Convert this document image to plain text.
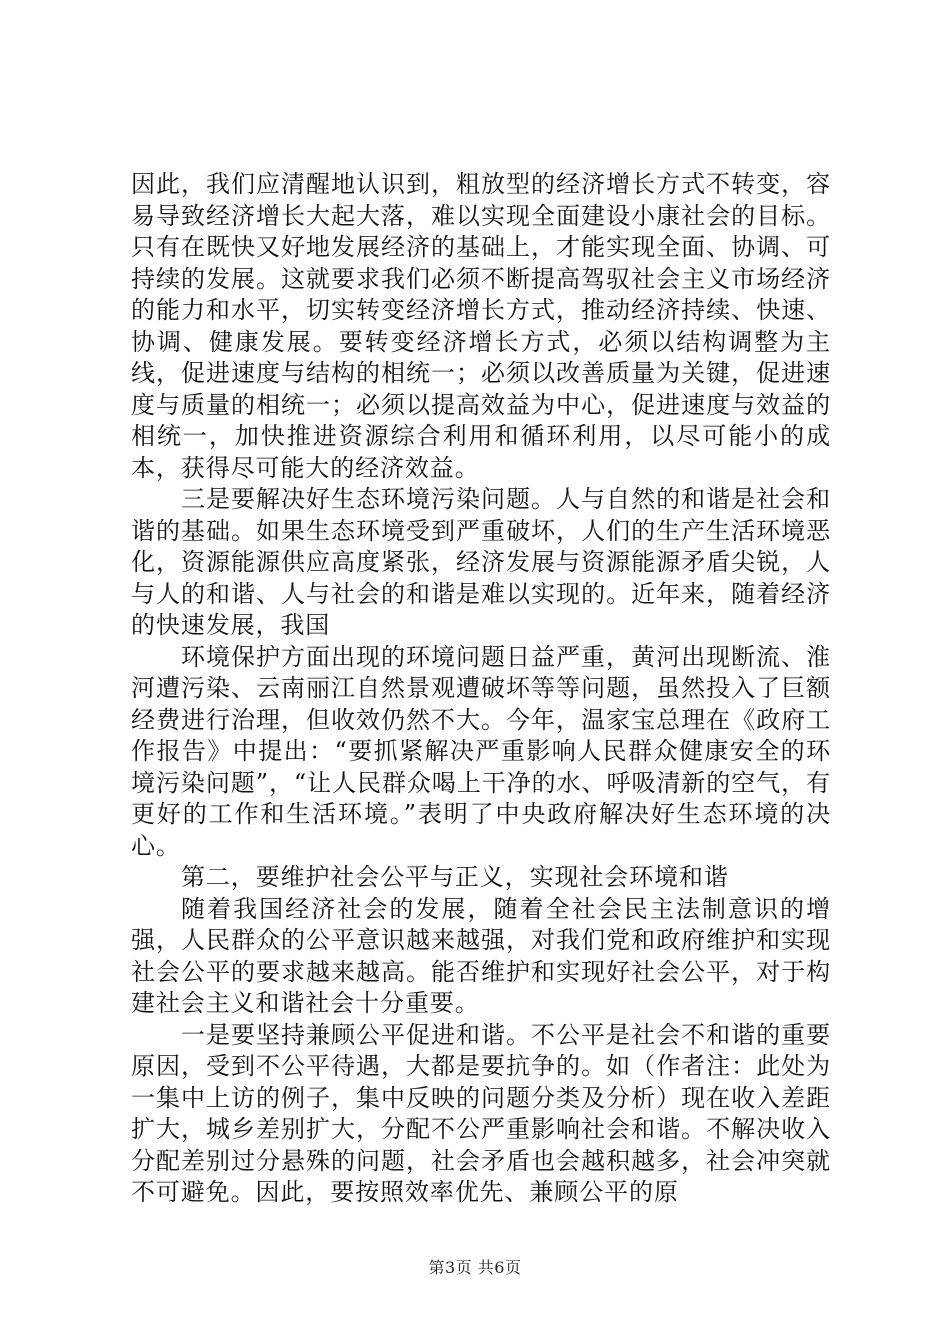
因此，我们应清醒地认识到，粗放型的经济增长方式不转变，容易导致经济增长大起大落，难以实现全面建设小康社会的目标。只有在既快又好地发展经济的基础上，才能实现全面、协调、可持续的发展。这就要求我们必须不断提高驾驭社会主义市场经济的能力和水平，切实转变经济增长方式，推动经济持续、快速、协调、健康发展。要转变经济增长方式，必须以结构调整为主线，促进速度与结构的相统一；必须以改善质量为关键，促进速度与质量的相统一；必须以提高效益为中心，促进速度与效益的相统一，加快推进资源综合利用和循环利用，以尽可能小的成本，获得尽可能大的经济效益。

三是要解决好生态环境污染问题。人与自然的和谐是社会和谐的基础。如果生态环境受到严重破坏，人们的生产生活环境恶化，资源能源供应高度紧张，经济发展与资源能源矛盾尖锐，人与人的和谐、人与社会的和谐是难以实现的。近年来，随着经济的快速发展，我国

环境保护方面出现的环境问题日益严重，黄河出现断流、淮河遭污染、云南丽江自然景观遭破坏等等问题，虽然投入了巨额经费进行治理，但收效仍然不大。今年，温家宝总理在《政府工作报告》中提出：“要抓紧解决严重影响人民群众健康安全的环境污染问题”，“让人民群众喝上干净的水、呼吸清新的空气，有更好的工作和生活环境。”表明了中央政府解决好生态环境的决心。

第二，要维护社会公平与正义，实现社会环境和谐

随着我国经济社会的发展，随着全社会民主法制意识的增强，人民群众的公平意识越来越强，对我们党和政府维护和实现社会公平的要求越来越高。能否维护和实现好社会公平，对于构建社会主义和谐社会十分重要。

一是要坚持兼顾公平促进和谐。不公平是社会不和谐的重要原因，受到不公平待遇，大都是要抗争的。如（作者注：此处为一集中上访的例子，集中反映的问题分类及分析）现在收入差距扩大，城乡差别扩大，分配不公严重影响社会和谐。不解决收入分配差别过分悬殊的问题，社会矛盾也会越积越多，社会冲突就不可避免。因此，要按照效率优先、兼顾公平的原

第3页 共6页
